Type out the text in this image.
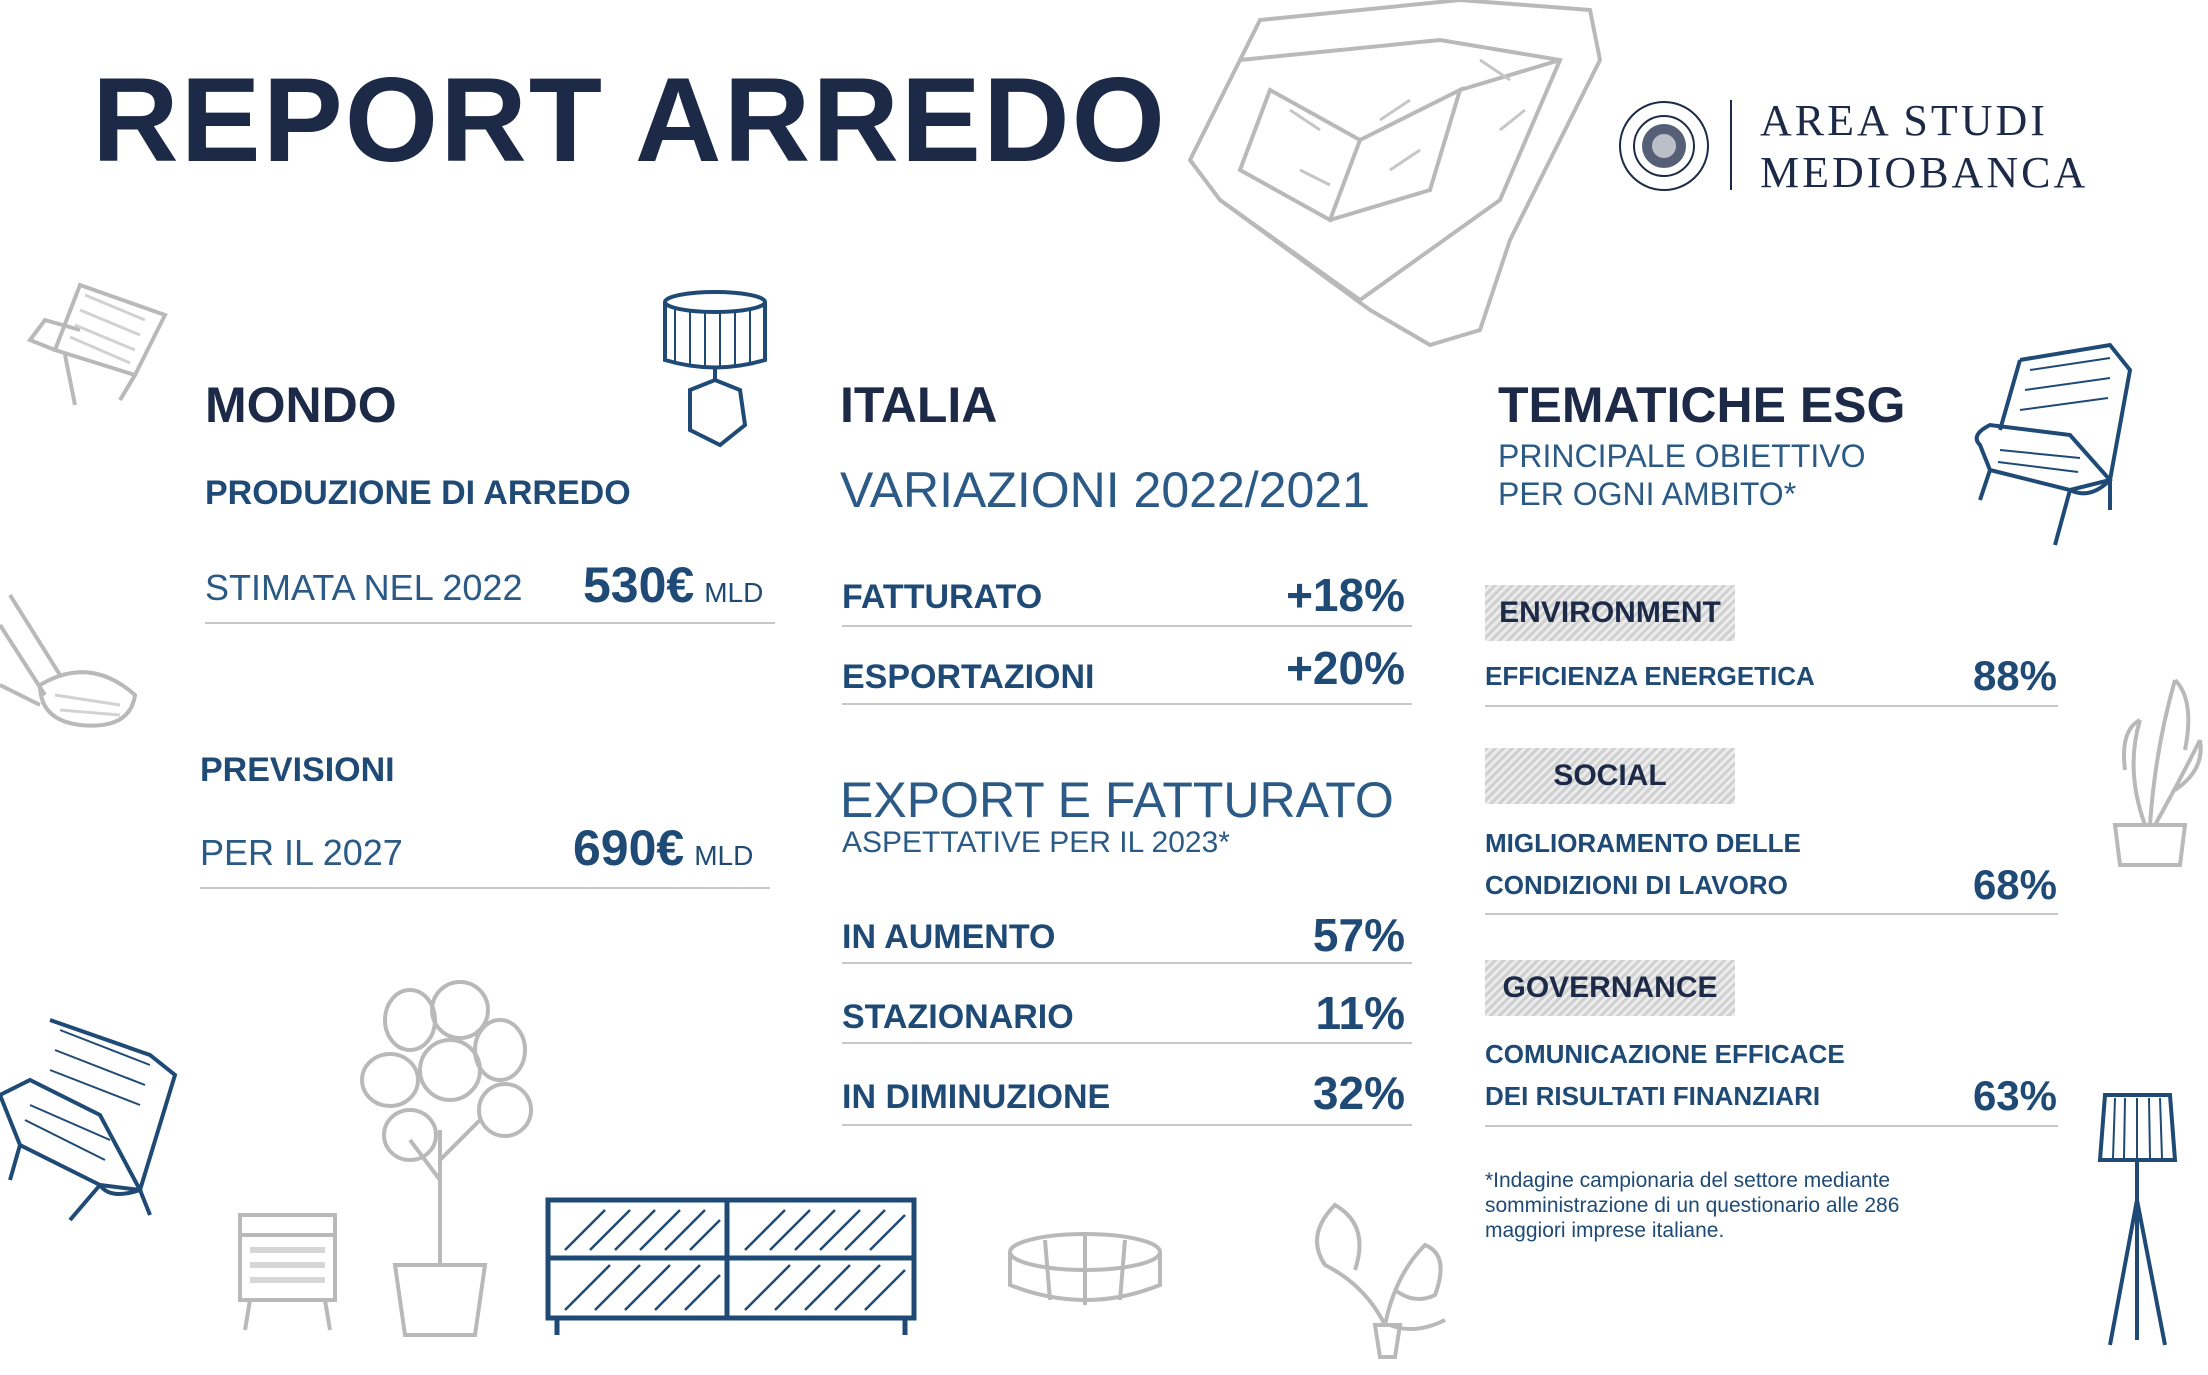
REPORT ARREDO	AREA STUDI
MEDIOBANCA
MONDO
PRODUZIONE DI ARREDO
STIMATA NEL 2022 530€ MLD
PREVISIONI
PER IL 2027	690€ MLD
ITALIA
VARIAZIONI 2022/2021
FATTURATO	+18%
ESPORTAZIONI	+20%
EXPORT E FATTURATO
ASPETTATIVE PER IL 2023*
IN AUMENTO	57%
STAZIONARIO	11%
IN DIMINUZIONE	32%
TEMATICHE ESG
PRINCIPALE OBIETTIVO
PER OGNI AMBITO*
ENVIRONMENT
EFFICIENZA ENERGETICA	88%
SOCIAL
MIGLIORAMENTO DELLE
CONDIZIONI DI LAVORO	68%
GOVERNANCE
COMUNICAZIONE EFFICACE
DEI RISULTATI FINANZIARI	63%
*Indagine campionaria del settore mediante
somministrazione di un questionario alle 286
maggiori imprese italiane.
